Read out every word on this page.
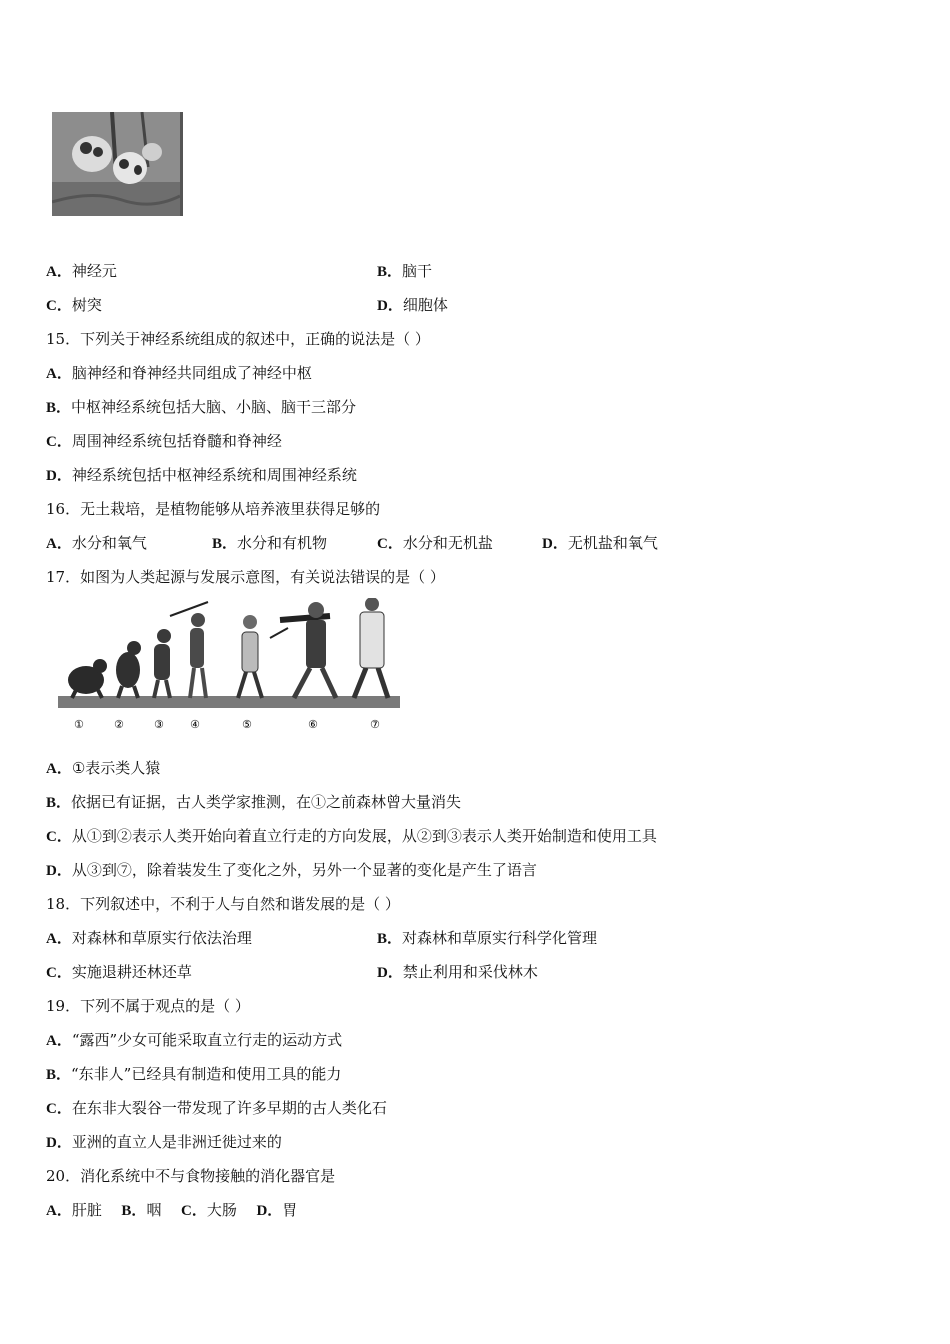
A．神经元	B．脑干
C．树突	D．细胞体
15．下列关于神经系统组成的叙述中，正确的说法是（ ）
A．脑神经和脊神经共同组成了神经中枢
B．中枢神经系统包括大脑、小脑、脑干三部分
C．周围神经系统包括脊髓和脊神经
D．神经系统包括中枢神经系统和周围神经系统
16．无土栽培，是植物能够从培养液里获得足够的
A．水分和氧气	B．水分和有机物	C．水分和无机盐	D．无机盐和氧气
17．如图为人类起源与发展示意图，有关说法错误的是（ ）
①	②	③ ④	⑤	⑥	⑦
A．①表示类人猿
B．依据已有证据，古人类学家推测，在①之前森林曾大量消失
C．从①到②表示人类开始向着直立行走的方向发展，从②到③表示人类开始制造和使用工具
D．从③到⑦，除着装发生了变化之外，另外一个显著的变化是产生了语言
18．下列叙述中，不利于人与自然和谐发展的是（ ）
A．对森林和草原实行依法治理	B．对森林和草原实行科学化管理
C．实施退耕还林还草	D．禁止利用和采伐林木
19．下列不属于观点的是（ ）
A．“露西”少女可能采取直立行走的运动方式
B．“东非人”已经具有制造和使用工具的能力
C．在东非大裂谷一带发现了许多早期的古人类化石
D．亚洲的直立人是非洲迁徙过来的
20．消化系统中不与食物接触的消化器官是
A．肝脏 B．咽 C．大肠 D．胃
